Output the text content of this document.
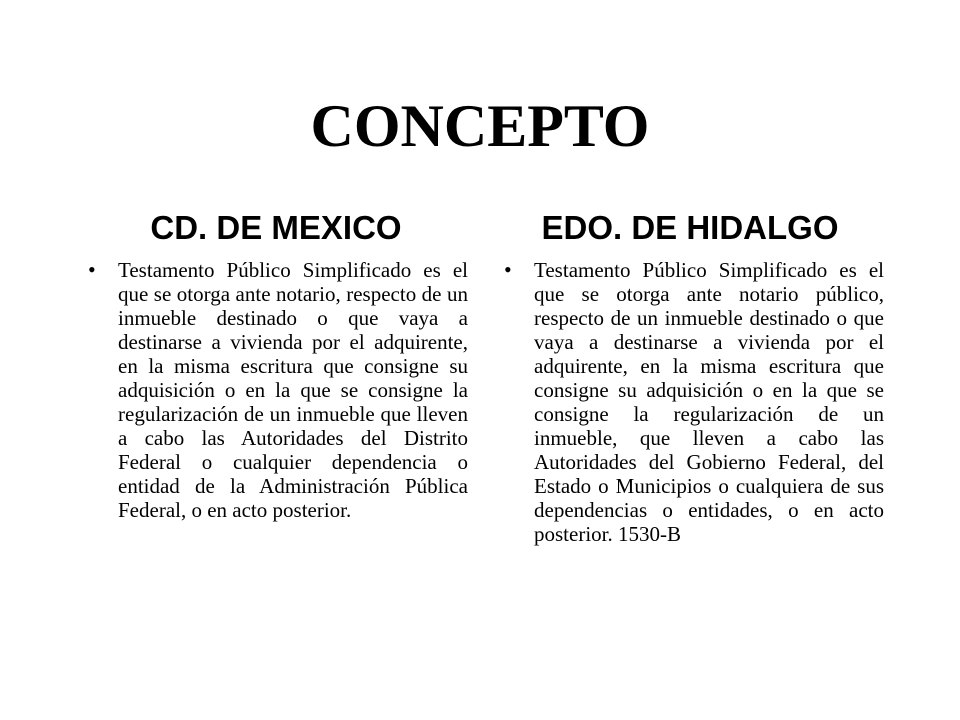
CONCEPTO
CD. DE MEXICO
• Testamento Público Simplificado es el que se otorga ante notario, respecto de un inmueble destinado o que vaya a destinarse a vivienda por el adquirente, en la misma escritura que consigne su adquisición o en la que se consigne la regularización de un inmueble que lleven a cabo las Autoridades del Distrito Federal o cualquier dependencia o entidad de la Administración Pública Federal, o en acto posterior.

EDO. DE HIDALGO
• Testamento Público Simplificado es el que se otorga ante notario público, respecto de un inmueble destinado o que vaya a destinarse a vivienda por el adquirente, en la misma escritura que consigne su adquisición o en la que se consigne la regularización de un inmueble, que lleven a cabo las Autoridades del Gobierno Federal, del Estado o Municipios o cualquiera de sus dependencias o entidades, o en acto posterior. 1530-B
